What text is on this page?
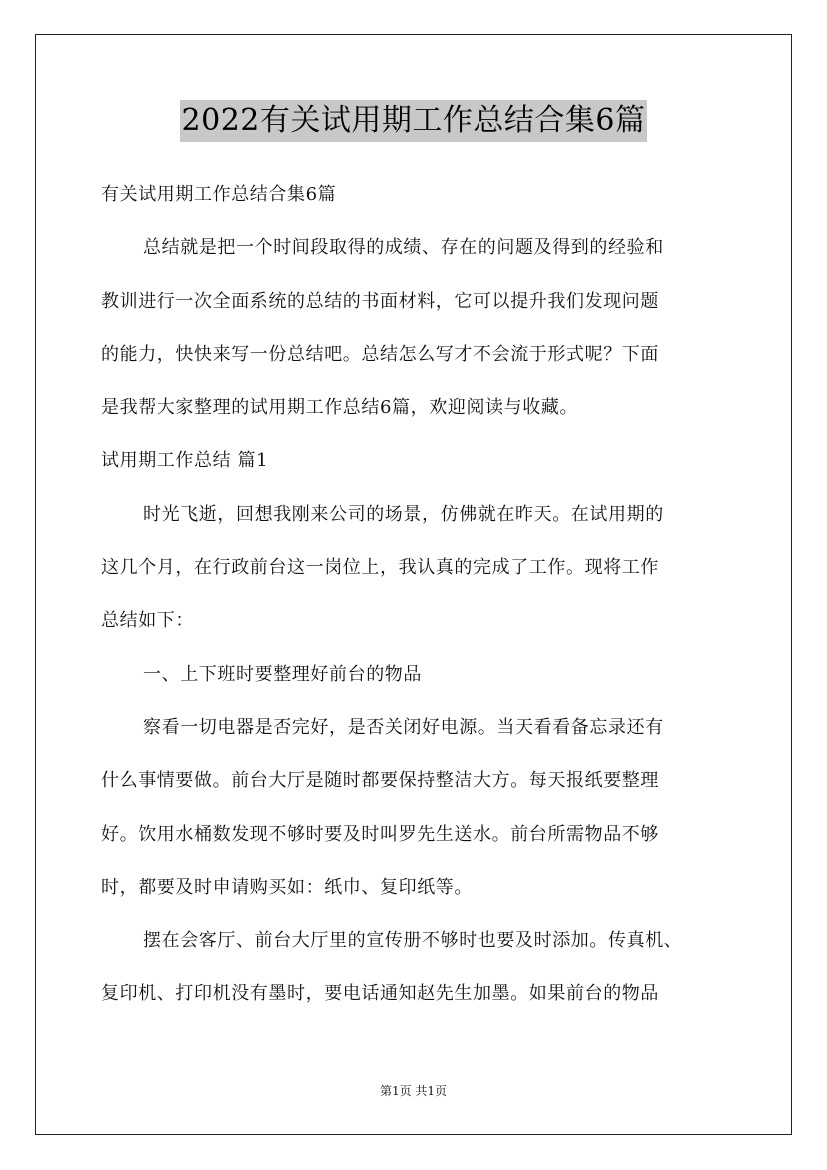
2022有关试用期工作总结合集6篇
有关试用期工作总结合集6篇
总结就是把一个时间段取得的成绩、存在的问题及得到的经验和
教训进行一次全面系统的总结的书面材料，它可以提升我们发现问题
的能力，快快来写一份总结吧。总结怎么写才不会流于形式呢？下面
是我帮大家整理的试用期工作总结6篇，欢迎阅读与收藏。
试用期工作总结 篇1
时光飞逝，回想我刚来公司的场景，仿佛就在昨天。在试用期的
这几个月，在行政前台这一岗位上，我认真的完成了工作。现将工作
总结如下：
一、上下班时要整理好前台的物品
察看一切电器是否完好，是否关闭好电源。当天看看备忘录还有
什么事情要做。前台大厅是随时都要保持整洁大方。每天报纸要整理
好。饮用水桶数发现不够时要及时叫罗先生送水。前台所需物品不够
时，都要及时申请购买如：纸巾、复印纸等。
摆在会客厅、前台大厅里的宣传册不够时也要及时添加。传真机、
复印机、打印机没有墨时，要电话通知赵先生加墨。如果前台的物品
第1页 共1页
